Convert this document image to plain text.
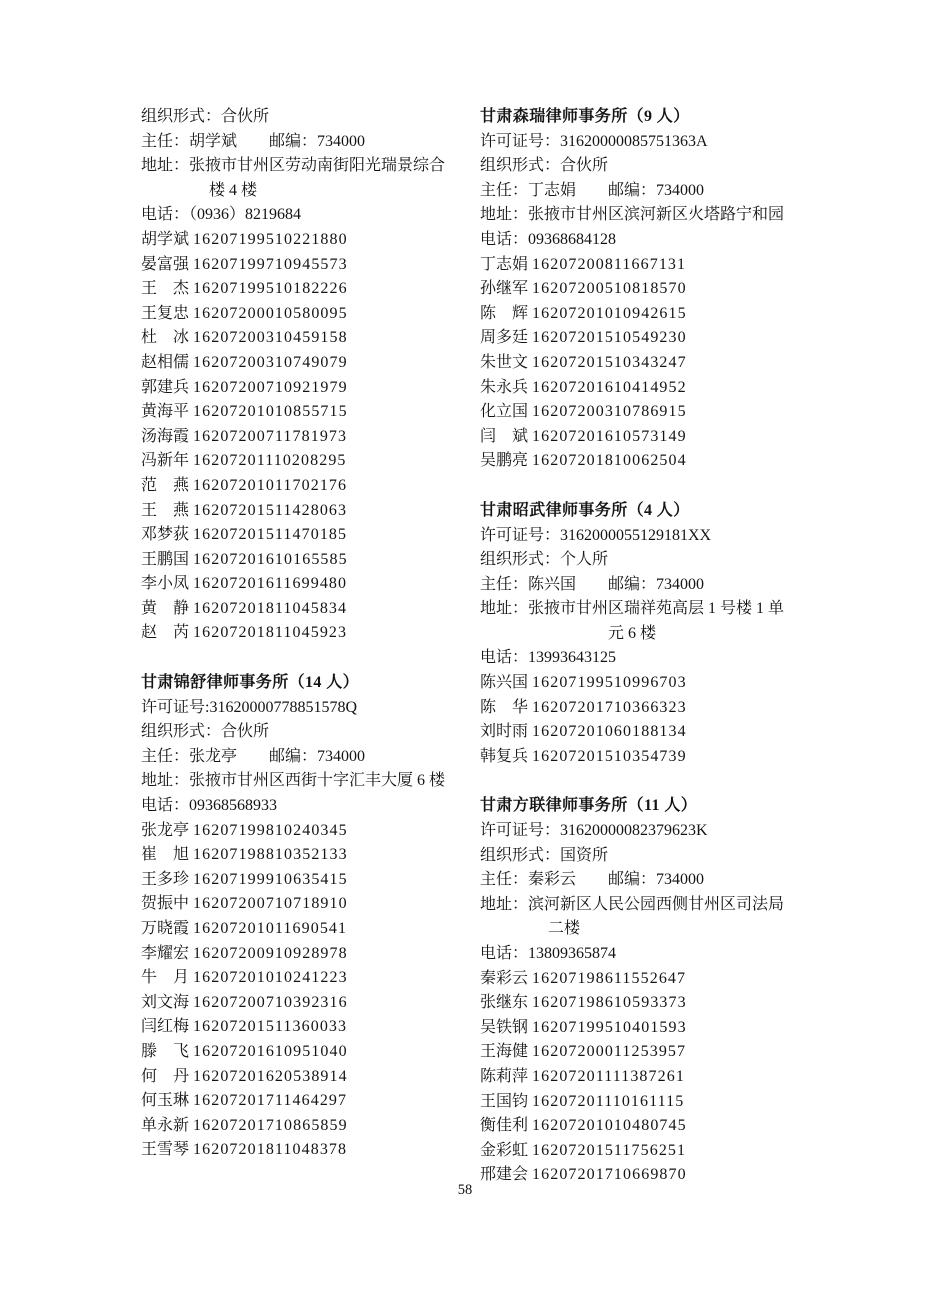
组织形式：合伙所
主任：胡学斌　　邮编：734000
地址：张掖市甘州区劳动南街阳光瑞景综合
　　　　 楼 4 楼
电话：（0936）8219684
胡学斌 16207199510221880
晏富强 16207199710945573
王　杰 16207199510182226
王复忠 16207200010580095
杜　冰 16207200310459158
赵相儒 16207200310749079
郭建兵 16207200710921979
黄海平 16207201010855715
汤海霞 16207200711781973
冯新年 16207201110208295
范　燕 16207201011702176
王　燕 16207201511428063
邓梦荻 16207201511470185
王鹏国 16207201610165585
李小凤 16207201611699480
黄　静 16207201811045834
赵　芮 16207201811045923
甘肃锦舒律师事务所（14 人）
许可证号:31620000778851578Q
组织形式：合伙所
主任：张龙亭　　邮编：734000
地址：张掖市甘州区西街十字汇丰大厦 6 楼
电话：09368568933
张龙亭 16207199810240345
崔　旭 16207198810352133
王多珍 16207199910635415
贺振中 16207200710718910
万晓霞 16207201011690541
李耀宏 16207200910928978
牛　月 16207201010241223
刘文海 16207200710392316
闫红梅 16207201511360033
滕　飞 16207201610951040
何　丹 16207201620538914
何玉琳 16207201711464297
单永新 16207201710865859
王雪琴 16207201811048378
甘肃森瑞律师事务所（9 人）
许可证号：31620000085751363A
组织形式：合伙所
主任：丁志娟　　邮编：734000
地址：张掖市甘州区滨河新区火塔路宁和园
电话：09368684128
丁志娟 16207200811667131
孙继军 16207200510818570
陈　辉 16207201010942615
周多廷 16207201510549230
朱世文 16207201510343247
朱永兵 16207201610414952
化立国 16207200310786915
闫　斌 16207201610573149
吴鹏亮 16207201810062504
甘肃昭武律师事务所（4 人）
许可证号：3162000055129181XX
组织形式：个人所
主任：陈兴国　　邮编：734000
地址：张掖市甘州区瑞祥苑高层 1 号楼 1 单
　　　　　　　　元 6 楼
电话：13993643125
陈兴国 16207199510996703
陈　华 16207201710366323
刘时雨 16207201060188134
韩复兵 16207201510354739
甘肃方联律师事务所（11 人）
许可证号：31620000082379623K
组织形式：国资所
主任：秦彩云　　邮编：734000
地址：滨河新区人民公园西侧甘州区司法局
　　　　 二楼
电话：13809365874
秦彩云 16207198611552647
张继东 16207198610593373
吴铁钢 16207199510401593
王海健 16207200011253957
陈莉萍 16207201111387261
王国钧 16207201110161115
衡佳利 16207201010480745
金彩虹 16207201511756251
邢建会 16207201710669870
58
